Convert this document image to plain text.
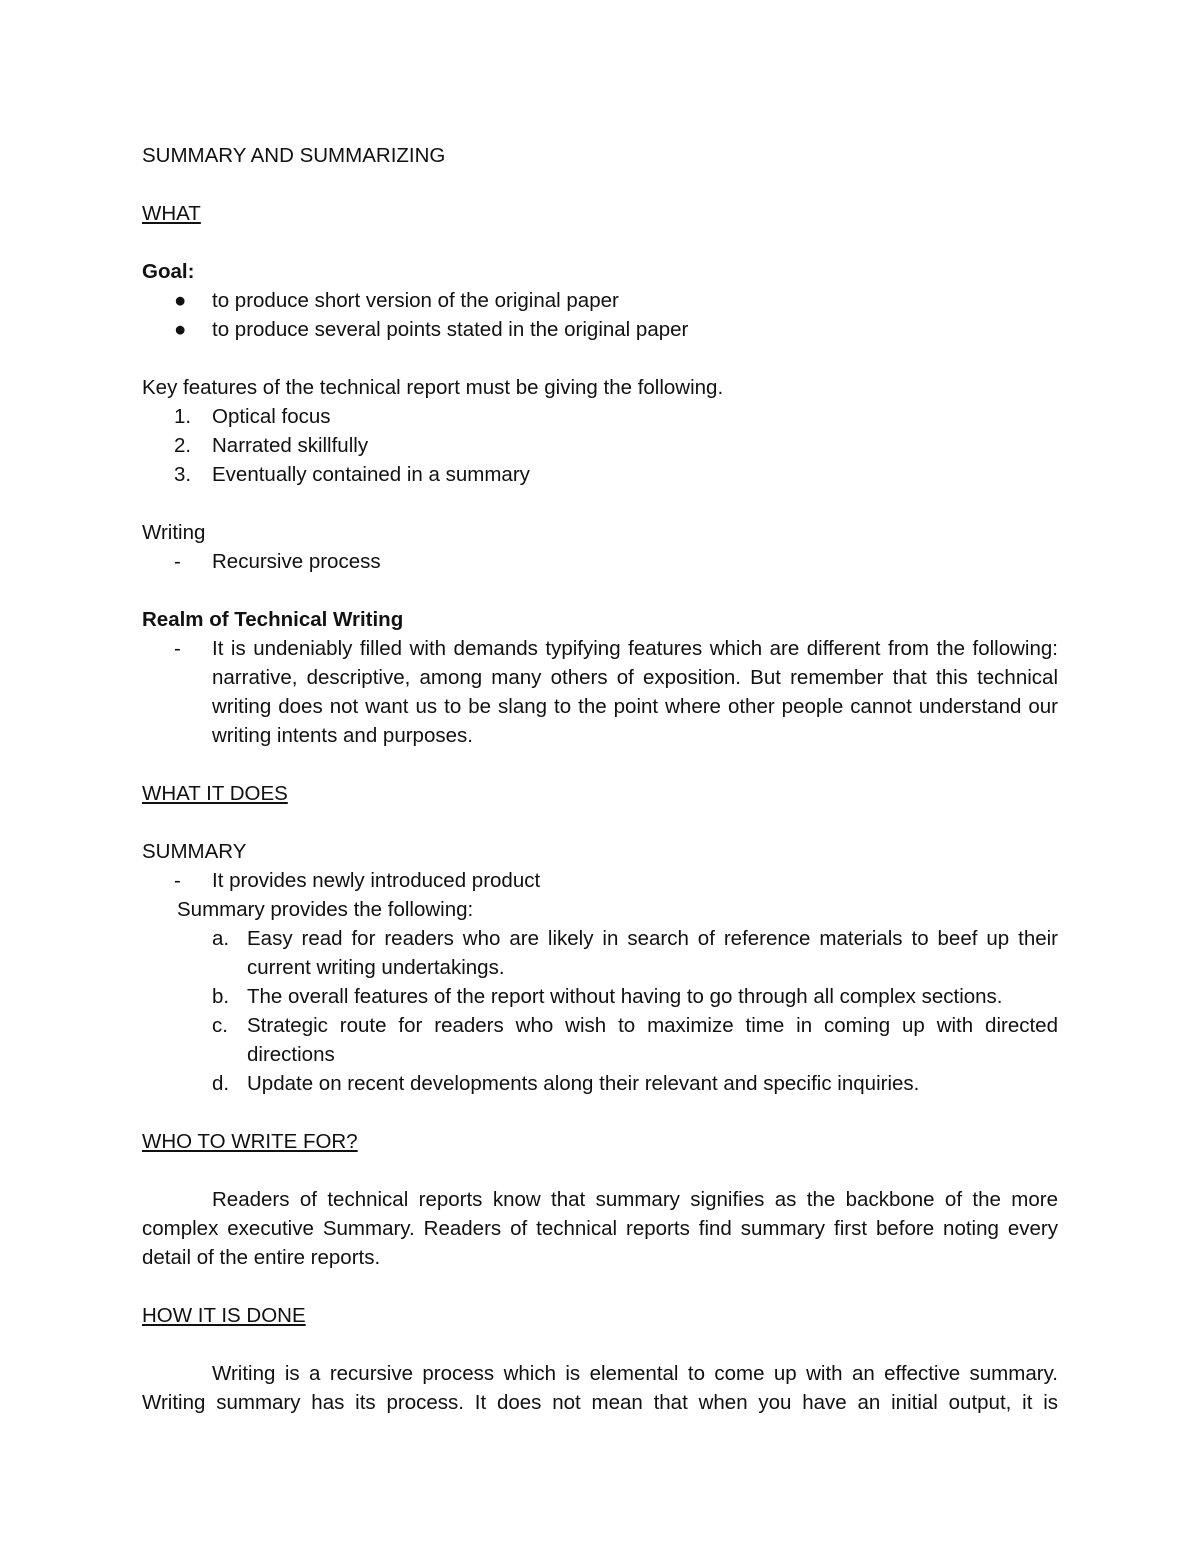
SUMMARY AND SUMMARIZING

WHAT

Goal:

● to produce short version of the original paper
● to produce several points stated in the original paper

Key features of the technical report must be giving the following.

1. Optical focus
2. Narrated skillfully
3. Eventually contained in a summary

Writing

- Recursive process

Realm of Technical Writing

- It is undeniably filled with demands typifying features which are different from the following: narrative, descriptive, among many others of exposition. But remember that this technical writing does not want us to be slang to the point where other people cannot understand our writing intents and purposes.

WHAT IT DOES

SUMMARY

- It provides newly introduced product

Summary provides the following:

a. Easy read for readers who are likely in search of reference materials to beef up their current writing undertakings.
b. The overall features of the report without having to go through all complex sections.
c. Strategic route for readers who wish to maximize time in coming up with directed directions
d. Update on recent developments along their relevant and specific inquiries.

WHO TO WRITE FOR?

Readers of technical reports know that summary signifies as the backbone of the more complex executive Summary. Readers of technical reports find summary first before noting every detail of the entire reports.

HOW IT IS DONE

Writing is a recursive process which is elemental to come up with an effective summary. Writing summary has its process. It does not mean that when you have an initial output, it is
